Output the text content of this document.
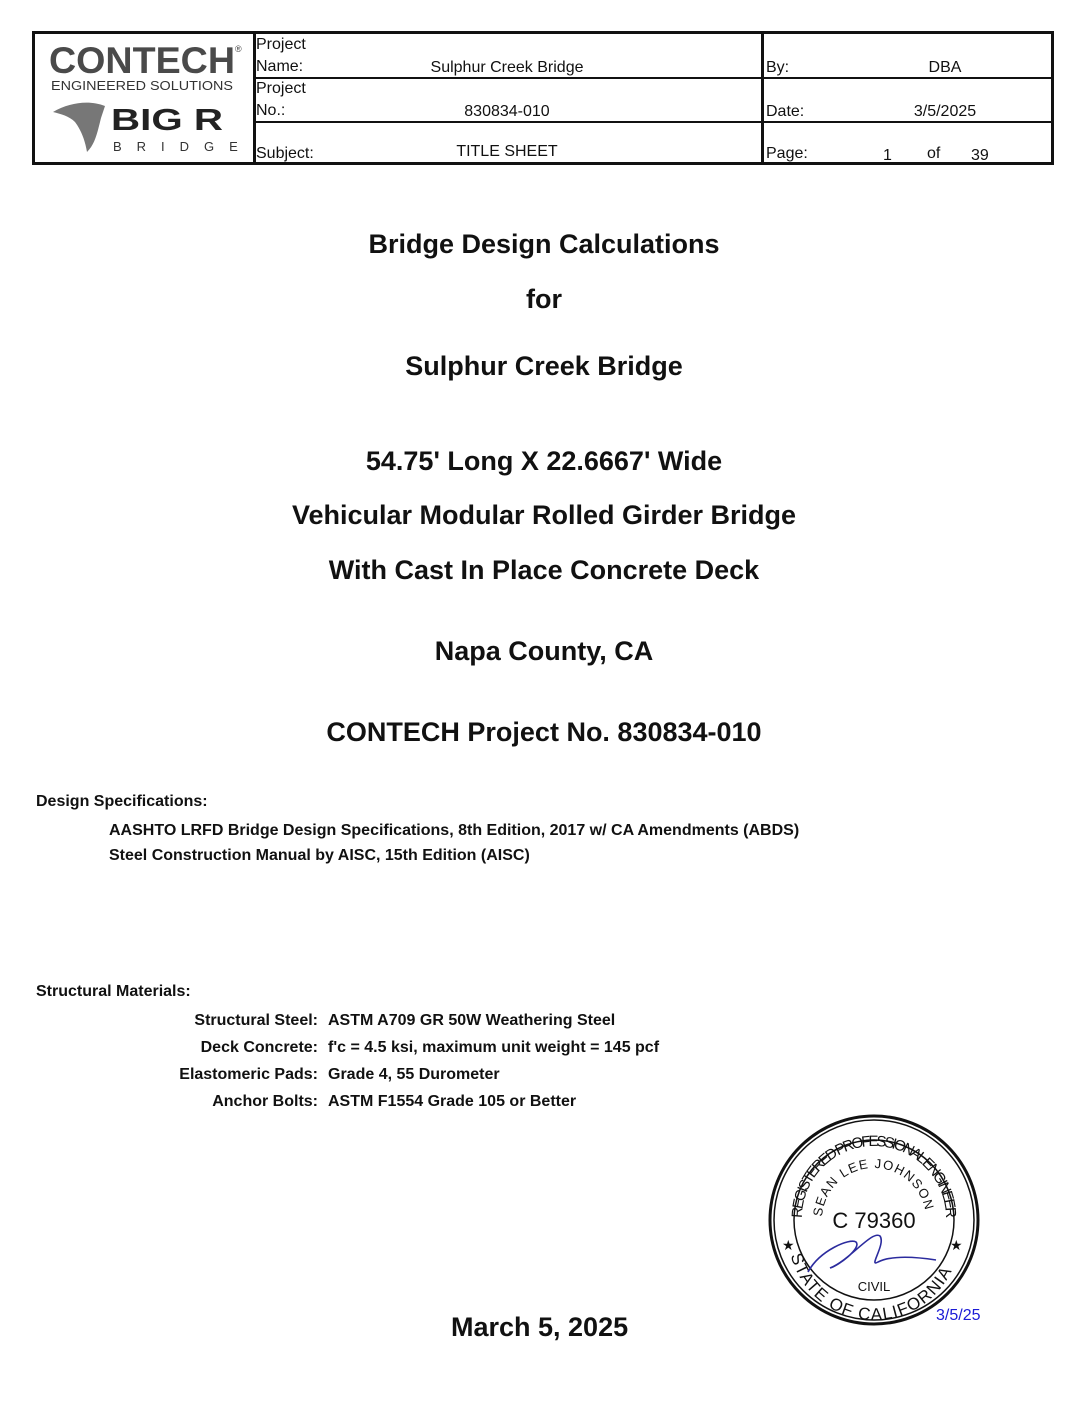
CONTECH ®
ENGINEERED SOLUTIONS
BIG R
BRIDGE
Project
Name:	Sulphur Creek Bridge	By:	DBA
Project
No.:	830834-010	Date:	3/5/2025
Subject:	TITLE SHEET	Page:	1 of 39
Bridge Design Calculations
for
Sulphur Creek Bridge
54.75' Long X 22.6667' Wide
Vehicular Modular Rolled Girder Bridge
With Cast In Place Concrete Deck
Napa County, CA
CONTECH Project No. 830834-010
Design Specifications:
AASHTO LRFD Bridge Design Specifications, 8th Edition, 2017 w/ CA Amendments (ABDS)
Steel Construction Manual by AISC, 15th Edition (AISC)
Structural Materials:
Structural Steel: ASTM A709 GR 50W Weathering Steel
Deck Concrete: f'c = 4.5 ksi, maximum unit weight = 145 pcf
Elastomeric Pads: Grade 4, 55 Durometer
Anchor Bolts: ASTM F1554 Grade 105 or Better
REGISTERED PROFESSIONAL ENGINEER
SEAN LEE JOHNSON
STATE OF CALIFORNIA
★	★
C 79360
CIVIL
3/5/25
March 5, 2025
